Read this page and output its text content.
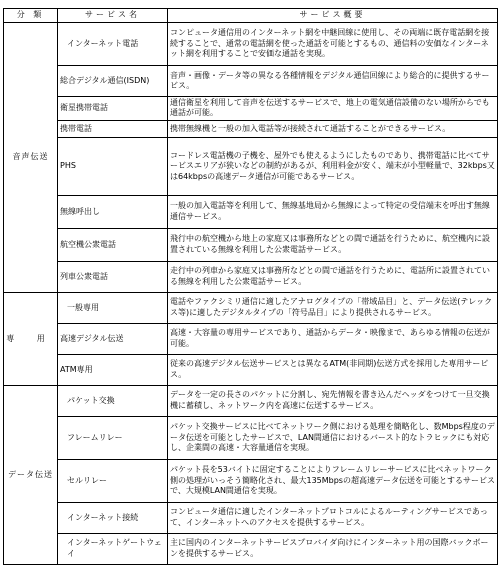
分 類	サービス名	サービス概要
音声伝送	インターネット電話	コンピュータ通信用のインターネット網を中継回線に使用し、その両端に既存電話網を接続することで、通常の電話網を使った通話を可能とするもの、通信料の安価なインターネット網を利用することで安価な通話を実現。
	総合デジタル通信(ISDN)	音声・画像・データ等の異なる各種情報をデジタル通信回線により総合的に提供するサービス。
	衛星携帯電話	通信衛星を利用して音声を伝送するサービスで、地上の電気通信設備のない場所からでも通話が可能。
	携帯電話	携帯無線機と一般の加入電話等が接続されて通話することができるサービス。
	PHS	コードレス電話機の子機を、屋外でも使えるようにしたものであり、携帯電話に比べてサービスエリアが狭いなどの制約があるが、利用料金が安く、端末が小型軽量で、32kbps又は64kbpsの高速データ通信が可能であるサービス。
	無線呼出し	一般の加入電話等を利用して、無線基地局から無線によって特定の受信端末を呼出す無線通信サービス。
	航空機公衆電話	飛行中の航空機から地上の家庭又は事務所などとの間で通話を行うために、航空機内に設置されている無線を利用した公衆電話サービス。
	列車公衆電話	走行中の列車から家庭又は事務所などとの間で通話を行うために、電話所に設置されている無線を利用した公衆電話サービス。
専 用	一般専用	電話やファクシミリ通信に適したアナログタイプの「帯域品目」と、データ伝送(テレックス等)に適したデジタルタイプの「符号品目」により提供されるサービス。
	高速デジタル伝送	高速・大容量の専用サービスであり、通話からデータ・映像まで、あらゆる情報の伝送が可能。
	ATM専用	従来の高速デジタル伝送サービスとは異なるATM(非同期)伝送方式を採用した専用サービス。
データ伝送	パケット交換	データを一定の長さのパケットに分割し、宛先情報を書き込んだヘッダをつけて一旦交換機に蓄積し、ネットワーク内を高速に伝送するサービス。
	フレームリレー	パケット交換サービスに比べてネットワーク側における処理を簡略化し、数Mbps程度のデータ伝送を可能としたサービスで、LAN間通信におけるバースト的なトラヒックにも対応し、企業間の高速・大容量通信を実現。
	セルリレー	パケット長を53バイトに固定することによりフレームリレーサービスに比べネットワーク側の処理がいっそう簡略化され、最大135Mbpsの超高速データ伝送を可能とするサービスで、大規模LAN間通信を実現。
	インターネット接続	コンピュータ通信に適したインターネットプロトコルによるルーティングサービスであって、インターネットへのアクセスを提供するサービス。
	インターネットゲートウェイ	主に国内のインターネットサービスプロバイダ向けにインターネット用の国際バックボーンを提供するサービス。
